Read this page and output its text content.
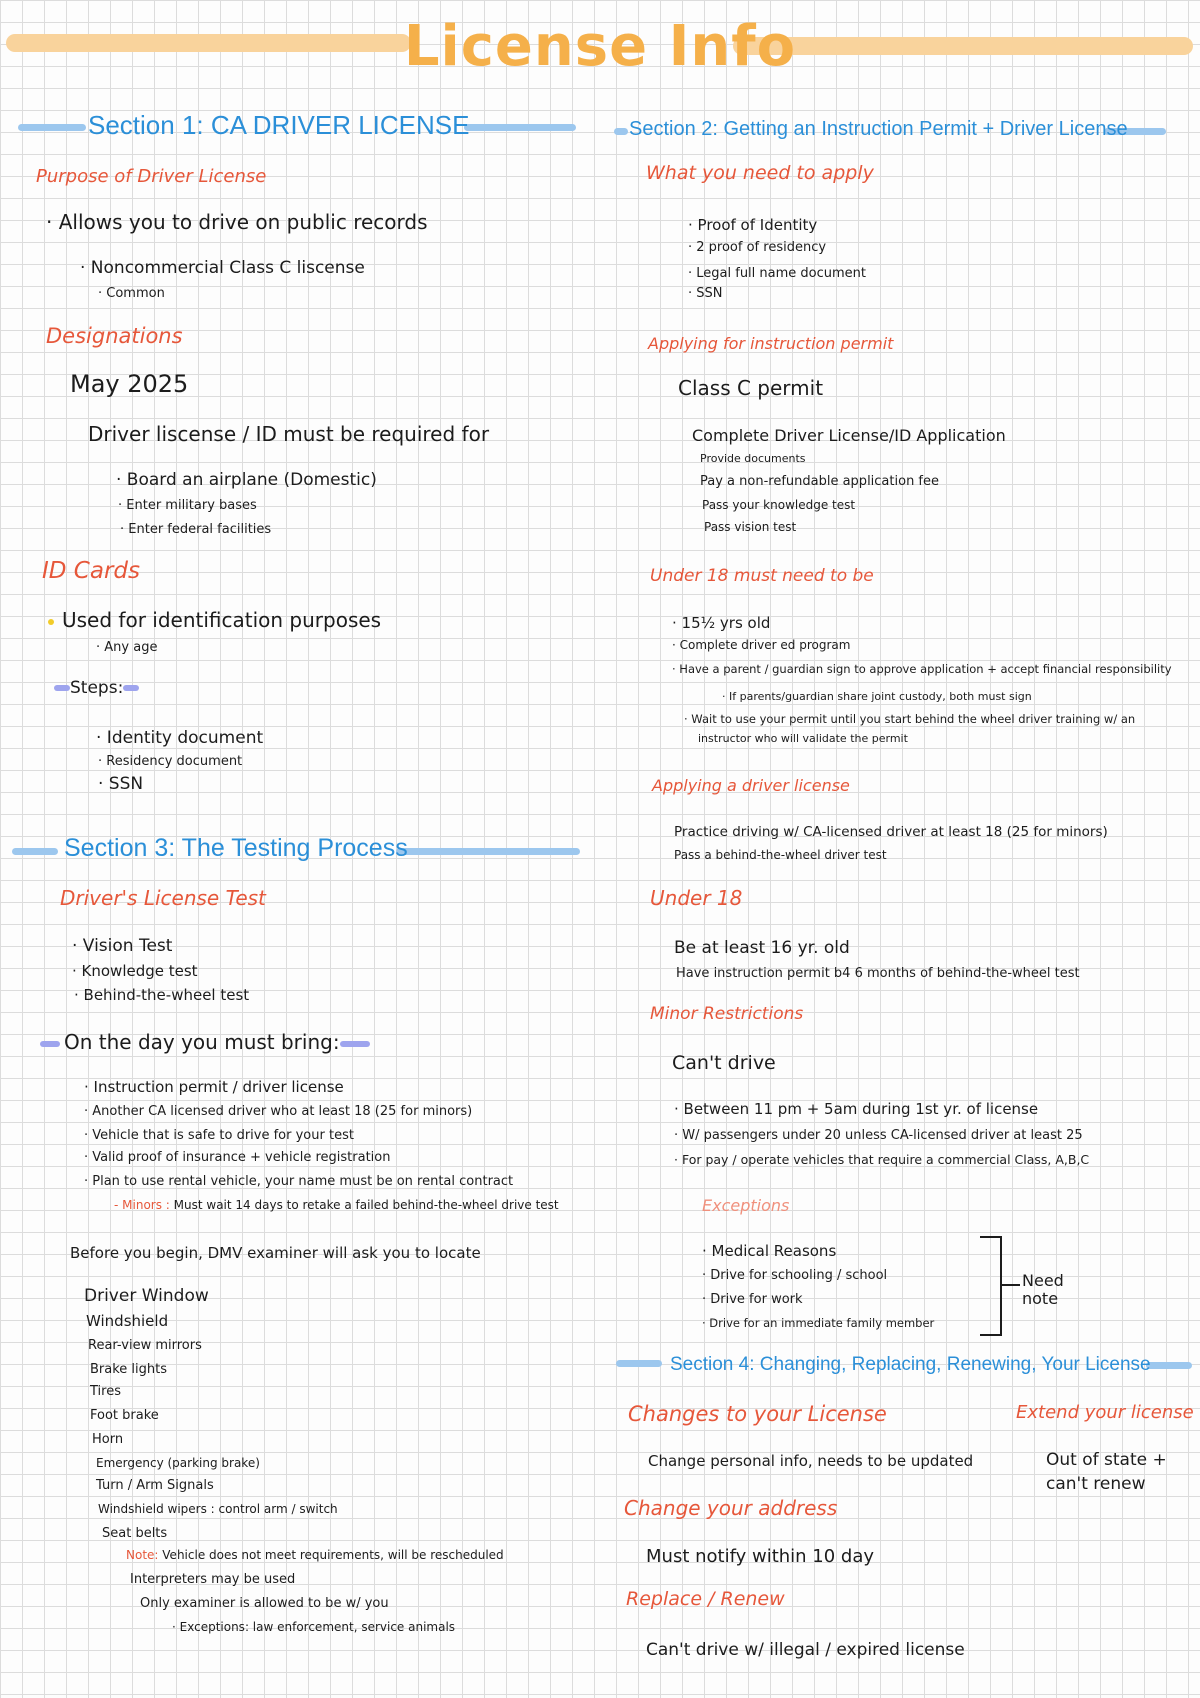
License Info
Section 1: CA DRIVER LICENSE
Purpose of Driver License
· Allows you to drive on public records
· Noncommercial Class C liscense
· Common
Designations
May 2025
Driver liscense / ID must be required for
· Board an airplane (Domestic)
· Enter military bases
· Enter federal facilities
ID Cards
Used for identification purposes
· Any age
Steps:
· Identity document
· Residency document
· SSN
Section 2: Getting an Instruction Permit + Driver License
What you need to apply
· Proof of Identity
· 2 proof of residency
· Legal full name document
· SSN
Applying for instruction permit
Class C permit
Complete Driver License/ID Application
Provide documents
Pay a non-refundable application fee
Pass your knowledge test
Pass vision test
Under 18 must need to be
· 15½ yrs old
· Complete driver ed program
· Have a parent / guardian sign to approve application + accept financial responsibility
· If parents/guardian share joint custody, both must sign
· Wait to use your permit until you start behind the wheel driver training w/ an
instructor who will validate the permit
Applying a driver license
Practice driving w/ CA-licensed driver at least 18 (25 for minors)
Pass a behind-the-wheel driver test
Under 18
Be at least 16 yr. old
Have instruction permit b4 6 months of behind-the-wheel test
Minor Restrictions
Can't drive
· Between 11 pm + 5am during 1st yr. of license
· W/ passengers under 20 unless CA-licensed driver at least 25
· For pay / operate vehicles that require a commercial Class, A,B,C
Exceptions
· Medical Reasons
· Drive for schooling / school
· Drive for work
· Drive for an immediate family member
Need note
Section 3: The Testing Process
Driver's License Test
· Vision Test
· Knowledge test
· Behind-the-wheel test
On the day you must bring:
· Instruction permit / driver license
· Another CA licensed driver who at least 18 (25 for minors)
· Vehicle that is safe to drive for your test
· Valid proof of insurance + vehicle registration
· Plan to use rental vehicle, your name must be on rental contract
- Minors : Must wait 14 days to retake a failed behind-the-wheel drive test
Before you begin, DMV examiner will ask you to locate
Driver Window
Windshield
Rear-view mirrors
Brake lights
Tires
Foot brake
Horn
Emergency (parking brake)
Turn / Arm Signals
Windshield wipers : control arm / switch
Seat belts
Note: Vehicle does not meet requirements, will be rescheduled
Interpreters may be used
Only examiner is allowed to be w/ you
· Exceptions: law enforcement, service animals
Section 4: Changing, Replacing, Renewing, Your License
Changes to your License
Change personal info, needs to be updated
Change your address
Must notify within 10 day
Replace / Renew
Can't drive w/ illegal / expired license
Extend your license
Out of state + can't renew
